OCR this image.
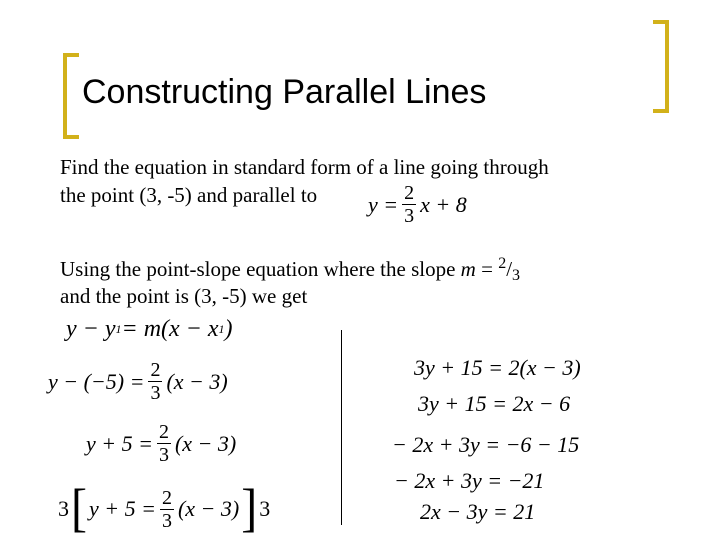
Constructing Parallel Lines
Find the equation in standard form of a line going through
the point (3, -5) and parallel to $y = \frac{2}{3}$ x + 8
Using the point-slope equation where the slope m = $^2$/3
and the point is (3, -5) we get
y − y 1 = m(x − x 1 )
$y - (-5) = \frac{2}{3} (x - 3)$
$y + 5 = \frac{2}{3} (x - 3)$
3 [ $y + 5 = \frac{2}{3} (x - 3)$ ] 3
3y + 15 = 2(x − 3)
3y + 15 = 2x − 6
− 2x + 3y = −6 − 15
− 2x + 3y = −21
2x − 3y = 21
